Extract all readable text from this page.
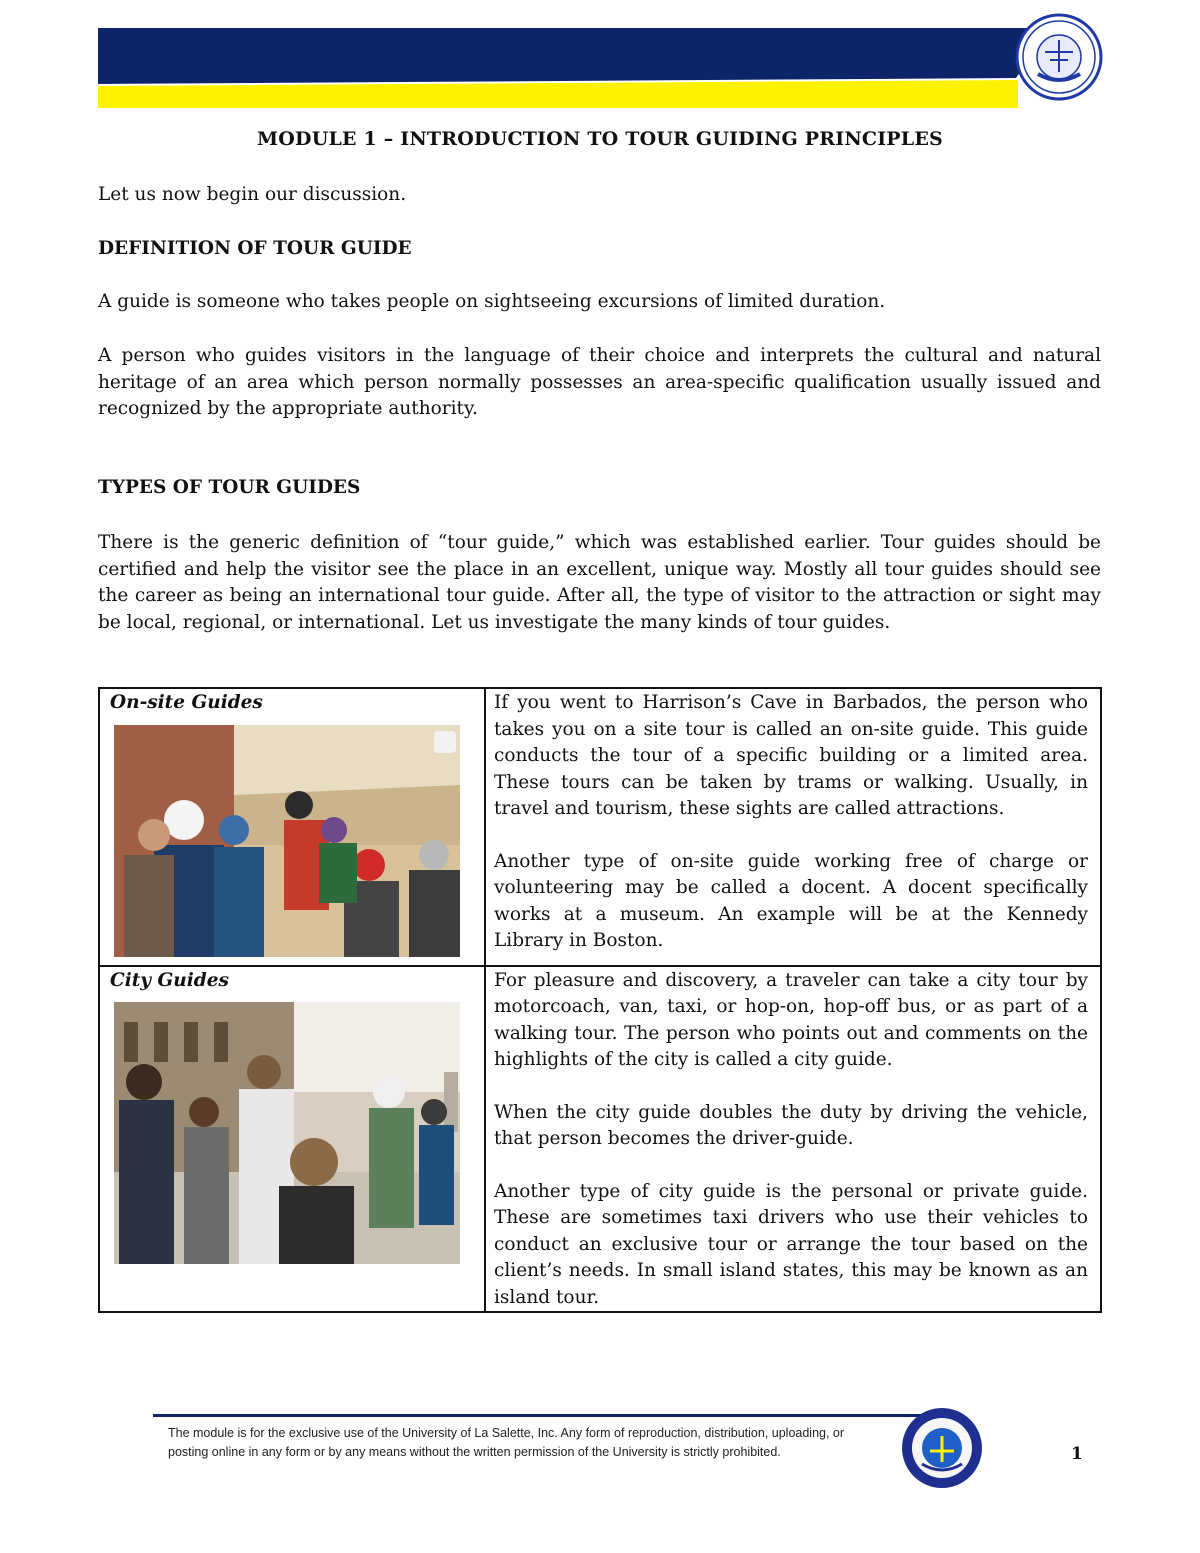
MODULE 1 – INTRODUCTION TO TOUR GUIDING PRINCIPLES
Let us now begin our discussion.
DEFINITION OF TOUR GUIDE
A guide is someone who takes people on sightseeing excursions of limited duration.
A person who guides visitors in the language of their choice and interprets the cultural and natural heritage of an area which person normally possesses an area-specific qualification usually issued and recognized by the appropriate authority.
TYPES OF TOUR GUIDES
There is the generic definition of “tour guide,” which was established earlier. Tour guides should be certified and help the visitor see the place in an excellent, unique way. Mostly all tour guides should see the career as being an international tour guide. After all, the type of visitor to the attraction or sight may be local, regional, or international. Let us investigate the many kinds of tour guides.
On-site Guides	If you went to Harrison’s Cave in Barbados, the person who takes you on a site tour is called an on-site guide. This guide conducts the tour of a specific building or a limited area. These tours can be taken by trams or walking. Usually, in travel and tourism, these sights are called attractions.

Another type of on-site guide working free of charge or volunteering may be called a docent. A docent specifically works at a museum. An example will be at the Kennedy Library in Boston.

City Guides	For pleasure and discovery, a traveler can take a city tour by motorcoach, van, taxi, or hop-on, hop-off bus, or as part of a walking tour. The person who points out and comments on the highlights of the city is called a city guide.

When the city guide doubles the duty by driving the vehicle, that person becomes the driver-guide.

Another type of city guide is the personal or private guide. These are sometimes taxi drivers who use their vehicles to conduct an exclusive tour or arrange the tour based on the client’s needs. In small island states, this may be known as an island tour.

The module is for the exclusive use of the University of La Salette, Inc. Any form of reproduction, distribution, uploading, or
posting online in any form or by any means without the written permission of the University is strictly prohibited.	1
